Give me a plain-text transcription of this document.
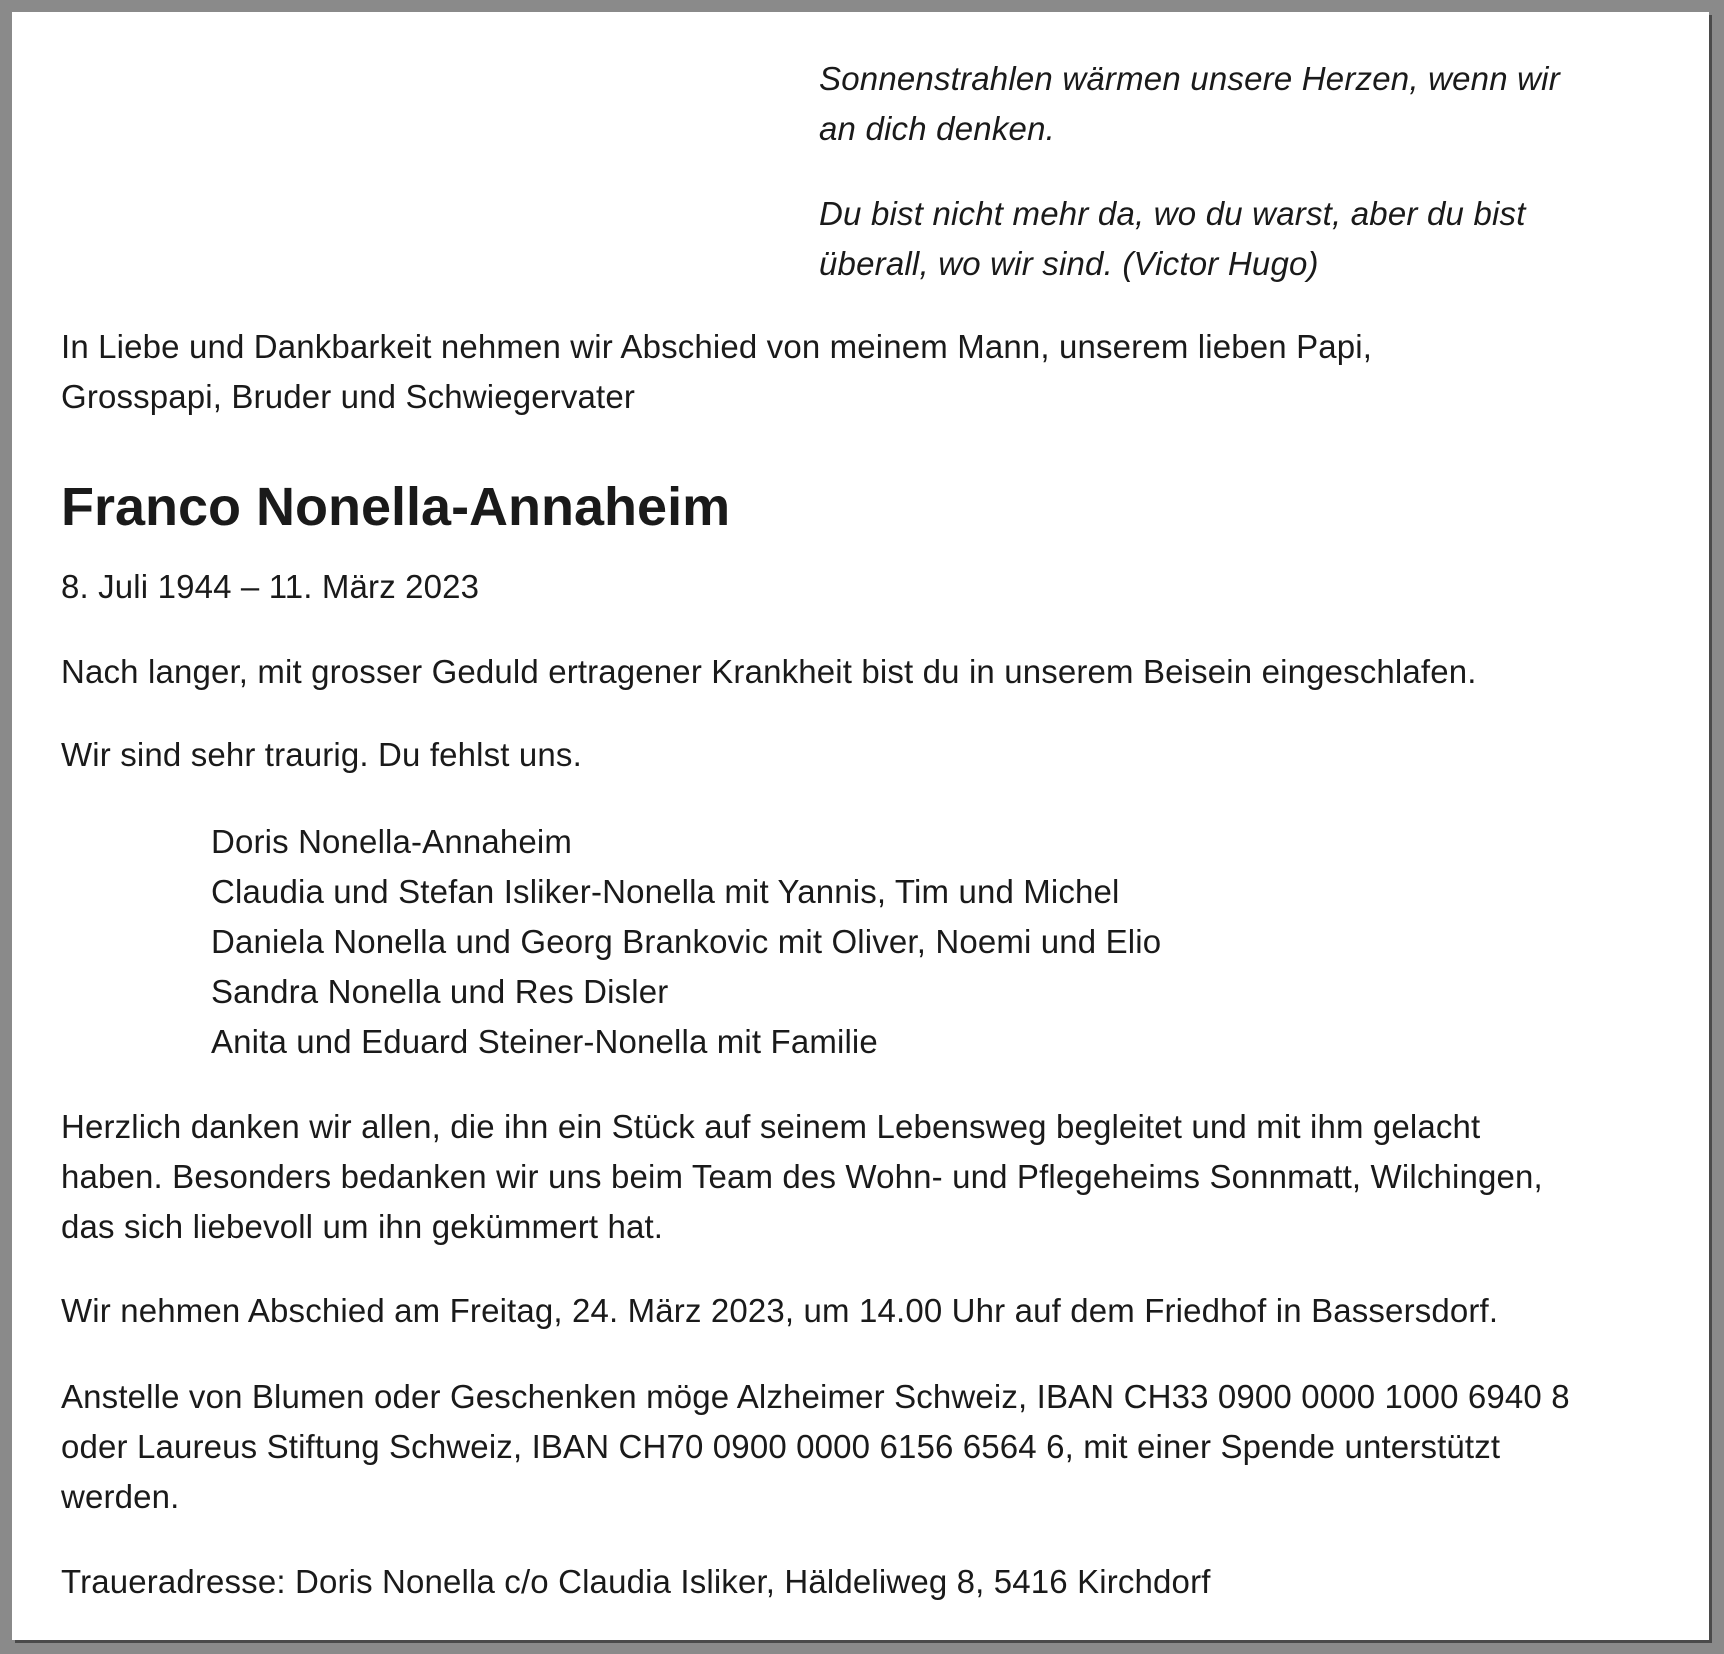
Sonnenstrahlen wärmen unsere Herzen, wenn wir

an dich denken.

Du bist nicht mehr da, wo du warst, aber du bist

überall, wo wir sind. (Victor Hugo)

In Liebe und Dankbarkeit nehmen wir Abschied von meinem Mann, unserem lieben Papi,

Grosspapi, Bruder und Schwiegervater

Franco Nonella-Annaheim

8. Juli 1944 – 11. März 2023

Nach langer, mit grosser Geduld ertragener Krankheit bist du in unserem Beisein eingeschlafen.

Wir sind sehr traurig. Du fehlst uns.

Doris Nonella-Annaheim

Claudia und Stefan Isliker-Nonella mit Yannis, Tim und Michel

Daniela Nonella und Georg Brankovic mit Oliver, Noemi und Elio

Sandra Nonella und Res Disler

Anita und Eduard Steiner-Nonella mit Familie

Herzlich danken wir allen, die ihn ein Stück auf seinem Lebensweg begleitet und mit ihm gelacht

haben. Besonders bedanken wir uns beim Team des Wohn- und Pflegeheims Sonnmatt, Wilchingen,

das sich liebevoll um ihn gekümmert hat.

Wir nehmen Abschied am Freitag, 24. März 2023, um 14.00 Uhr auf dem Friedhof in Bassersdorf.

Anstelle von Blumen oder Geschenken möge Alzheimer Schweiz, IBAN CH33 0900 0000 1000 6940 8

oder Laureus Stiftung Schweiz, IBAN CH70 0900 0000 6156 6564 6, mit einer Spende unterstützt

werden.

Traueradresse: Doris Nonella c/o Claudia Isliker, Häldeliweg 8, 5416 Kirchdorf
